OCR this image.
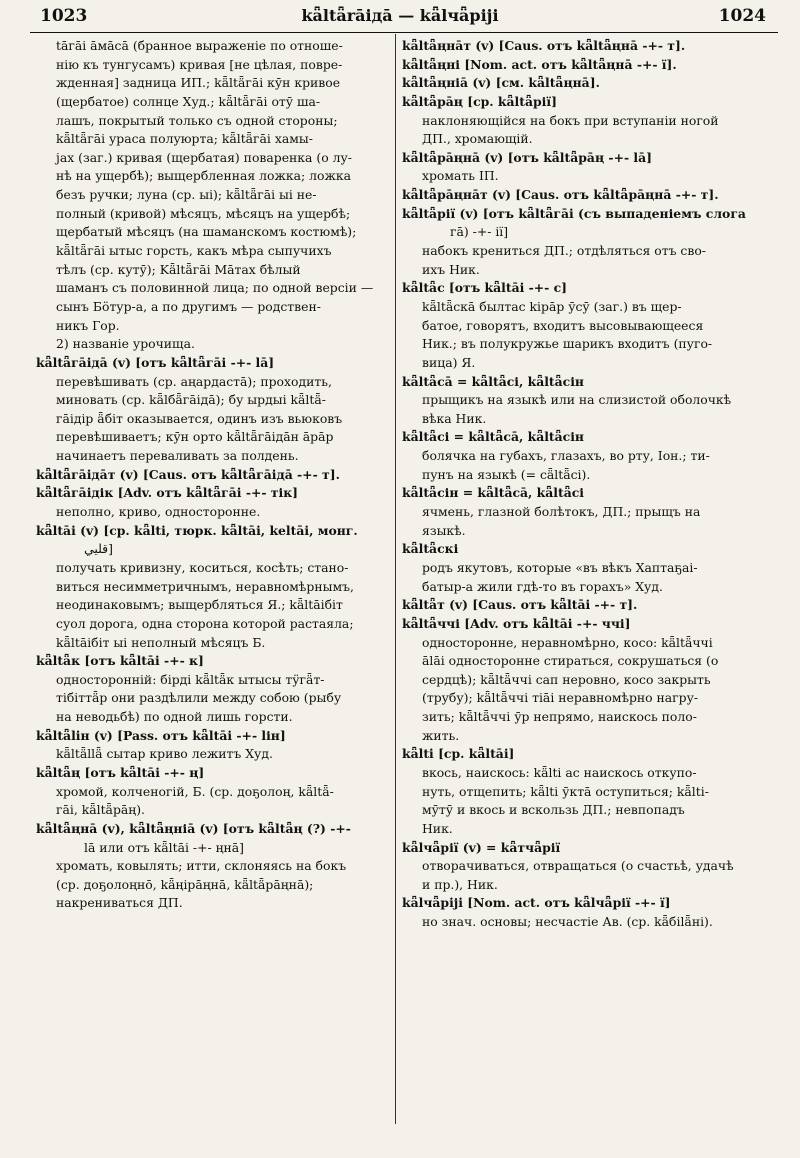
1023	kǟltǟrāiдā — kǟlчǟрiјi	1024
tāгāi āмāсā (бранное выраженiе по отноше-
нiю къ тунгусамъ) кривая [не цѣлая, повре-
жденная] задница ИП.; kǟltǟгāi кӯн кривое
(щербатое) солнце Худ.; kǟltǟгāi отӯ ша-
лашъ, покрытый только съ одной стороны;
kǟltǟгāi ураса полуюрта; kǟltǟгāi хамы-
јах (заг.) кривая (щербатая) поваренка (о лу-
нѣ на ущербѣ); выщербленная ложка; ложка
безъ ручки; луна (ср. ыі); kǟltǟгāi ыі не-
полный (кривой) мѣсяцъ, мѣсяцъ на ущербѣ;
щербатый мѣсяцъ (на шаманскомъ костюмѣ);
kǟltǟгāi ытыс горсть, какъ мѣра сыпучихъ
тѣлъ (ср. кутӯ); Kǟltǟгāi Мāтах бѣлый
шаманъ съ половинной лица; по одной версiи —
сынъ Бӧтур-а, а по другимъ — родствен-
никъ Гор.
2) названiе урочища.
kǟltǟгāiдā (v) [отъ kǟltǟгāi -+- lā]
перевѣшивать (ср. аңардастā); проходить,
миновать (ср. kǟlбǟгāiдā); бу ырдыі kǟltǟ-
гāiдір ǟбіт оказывается, одинъ изъ вьюковъ
перевѣшиваетъ; кӯн орто kǟltǟгāiдāн āрāр
начинаетъ переваливать за полдень.
kǟltǟгāiдāт (v) [Caus. отъ kǟltǟгāiдā -+- т].
kǟltǟгāiдік [Adv. отъ kǟltǟгāi -+- тік]
неполно, криво, одностороннe.
kǟltāi (v) [ср. kǟlti, тюрк. kǟltāi, keltāi, монг.
ﻗﻠﻴﻲ]
получать кривизну, коситься, косѣть; стано-
виться несимметричнымъ, неравномѣрнымъ,
неодинаковымъ; выщербляться Я.; kǟltāiбіт
суол дорога, одна сторона которой растаяла;
kǟltāiбіт ыі неполный мѣсяцъ Б.
kǟltǟк [отъ kǟltāi -+- к]
односторонній: бірдi kǟltǟк ытысы тӱгǟт-
тібіттǟр они раздѣлили между собою (рыбу
на неводьбѣ) по одной лишь горсти.
kǟltǟliн (v) [Pass. отъ kǟltāi -+- lін]
kǟltǟllǟ сытар криво лежитъ Худ.
kǟltǟң [отъ kǟltāi -+- ң]
хромой, колченогій, Б. (ср. доҕолоң, kǟltǟ-
гāi, kǟltǟрāң).
kǟltǟңнā (v), kǟltǟңніā (v) [отъ kǟltǟң (?) -+-
lā или отъ kǟltāi -+- ңнā]
хромать, ковылять; итти, склоняясь на бокъ
(ср. доҕолоңнō, kǟңірāңнā, kǟltǟрāңнā);
накрениваться ДП.
kǟltǟңнāт (v) [Caus. отъ kǟltǟңнā -+- т].
kǟltǟңні [Nom. act. отъ kǟltǟңнā -+- ї].
kǟltǟңніā (v) [см. kǟltǟңнā].
kǟltǟрāң [ср. kǟltǟрії]
наклоняющійся на бокъ при вступаніи ногой
ДП., хромающій.
kǟltǟрāңнā (v) [отъ kǟltǟрāң -+- lā]
хромать ІП.
kǟltǟрāңнāт (v) [Caus. отъ kǟltǟрāңнā -+- т].
kǟltǟрії (v) [отъ kǟltǟгāi (съ выпаденіемъ слога
гā) -+- ії]
набокъ крениться ДП.; отдѣляться отъ сво-
ихъ Ник.
kǟltǟс [отъ kǟltāi -+- с]
kǟltǟскā былтас kірāр ӯсӯ (заг.) въ щер-
батое, говорятъ, входитъ высовывающееся
Ник.; въ полукружье шарикъ входитъ (пуго-
вица) Я.
kǟltǟсā = kǟltǟсі, kǟltǟсін
прыщикъ на языкѣ или на слизистой оболочкѣ
вѣка Ник.
kǟltǟсі = kǟltǟсā, kǟltǟсін
болячка на губахъ, глазахъ, во рту, Іон.; ти-
пунъ на языкѣ (= сǟltǟсі).
kǟltǟсін = kǟltǟсā, kǟltǟсі
ячмень, глазной болѣтокъ, ДП.; прыщъ на
языкѣ.
kǟltǟскі
родъ якутовъ, которые «въ вѣкъ Хаптаҕаі-
батыр-а жили гдѣ-то въ горахъ» Худ.
kǟltǟт (v) [Caus. отъ kǟltāi -+- т].
kǟltǟччі [Adv. отъ kǟltāi -+- ччі]
одностороннe, неравномѣрно, косо: kǟltǟччі
ālāі одностороннe стираться, сокрушаться (о
сердцѣ); kǟltǟччі сап неровно, косо закрыть
(трубу); kǟltǟччі тіāі неравномѣрно нагру-
зить; kǟltǟччі ӯр непрямо, наискось поло-
жить.
kǟlti [ср. kǟltāi]
вкось, наискось: kǟlti ас наискось откупо-
нуть, отщепить; kǟlti ӯктā оступиться; kǟlti-
мӯтӯ и вкось и вскользь ДП.; невпопадъ
Ник.
kǟlчǟрії (v) = kǟтчǟрії
отворачиваться, отвращаться (о счастьѣ, удачѣ
и пр.), Ник.
kǟlчǟрiјi [Nom. act. отъ kǟlчǟрії -+- ї]
но знач. основы; несчастіе Ав. (ср. kǟбilǟні).
